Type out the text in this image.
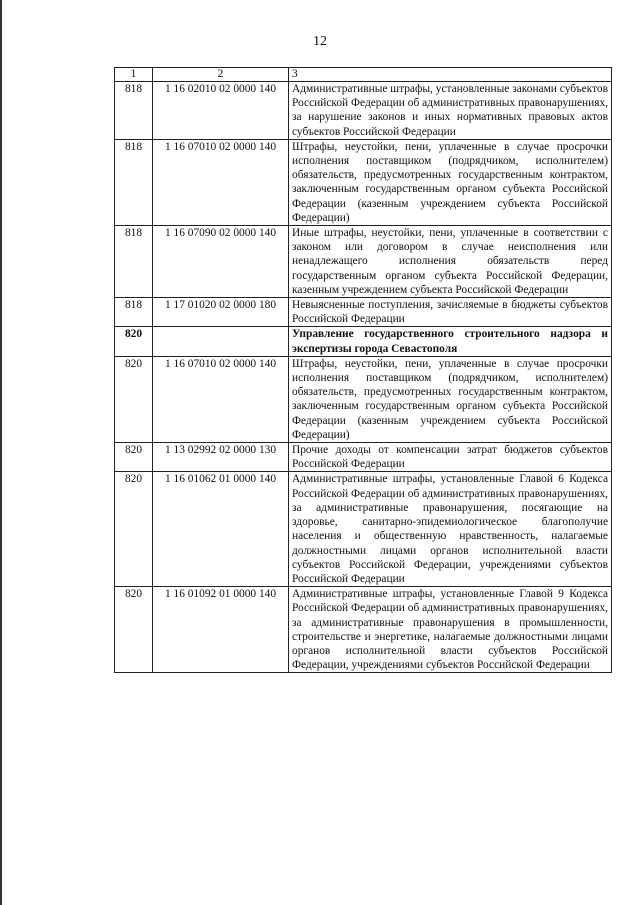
12
1	2	3
818	1 16 02010 02 0000 140	Административные штрафы, установленные законами субъектов Российской Федерации об административных правонарушениях, за нарушение законов и иных нормативных правовых актов субъектов Российской Федерации
818	1 16 07010 02 0000 140	Штрафы, неустойки, пени, уплаченные в случае просрочки исполнения поставщиком (подрядчиком, исполнителем) обязательств, предусмотренных государственным контрактом, заключенным государственным органом субъекта Российской Федерации (казенным учреждением субъекта Российской Федерации)
818	1 16 07090 02 0000 140	Иные штрафы, неустойки, пени, уплаченные в соответствии с законом или договором в случае неисполнения или ненадлежащего исполнения обязательств перед государственным органом субъекта Российской Федерации, казенным учреждением субъекта Российской Федерации
818	1 17 01020 02 0000 180	Невыясненные поступления, зачисляемые в бюджеты субъектов Российской Федерации
820		Управление государственного строительного надзора и экспертизы города Севастополя
820	1 16 07010 02 0000 140	Штрафы, неустойки, пени, уплаченные в случае просрочки исполнения поставщиком (подрядчиком, исполнителем) обязательств, предусмотренных государственным контрактом, заключенным государственным органом субъекта Российской Федерации (казенным учреждением субъекта Российской Федерации)
820	1 13 02992 02 0000 130	Прочие доходы от компенсации затрат бюджетов субъектов Российской Федерации
820	1 16 01062 01 0000 140	Административные штрафы, установленные Главой 6 Кодекса Российской Федерации об административных правонарушениях, за административные правонарушения, посягающие на здоровье, санитарно-эпидемиологическое благополучие населения и общественную нравственность, налагаемые должностными лицами органов исполнительной власти субъектов Российской Федерации, учреждениями субъектов Российской Федерации
820	1 16 01092 01 0000 140	Административные штрафы, установленные Главой 9 Кодекса Российской Федерации об административных правонарушениях, за административные правонарушения в промышленности, строительстве и энергетике, налагаемые должностными лицами органов исполнительной власти субъектов Российской Федерации, учреждениями субъектов Российской Федерации
